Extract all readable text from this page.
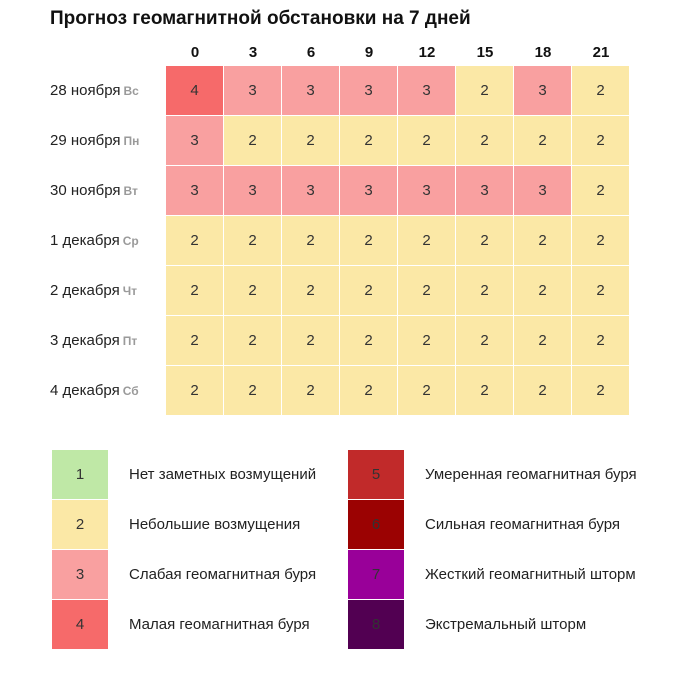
Прогноз геомагнитной обстановки на 7 дней
0	3	6	9	12	15	18	21
28 ноября Вс	4	3	3	3	3	2	3	2
29 ноября Пн	3	2	2	2	2	2	2	2
30 ноября Вт	3	3	3	3	3	3	3	2
1 декабря Ср	2	2	2	2	2	2	2	2
2 декабря Чт	2	2	2	2	2	2	2	2
3 декабря Пт	2	2	2	2	2	2	2	2
4 декабря Сб	2	2	2	2	2	2	2	2
1	Нет заметных возмущений
2	Небольшие возмущения
3	Слабая геомагнитная буря
4	Малая геомагнитная буря
5	Умеренная геомагнитная буря
6	Сильная геомагнитная буря
7	Жесткий геомагнитный шторм
8	Экстремальный шторм
